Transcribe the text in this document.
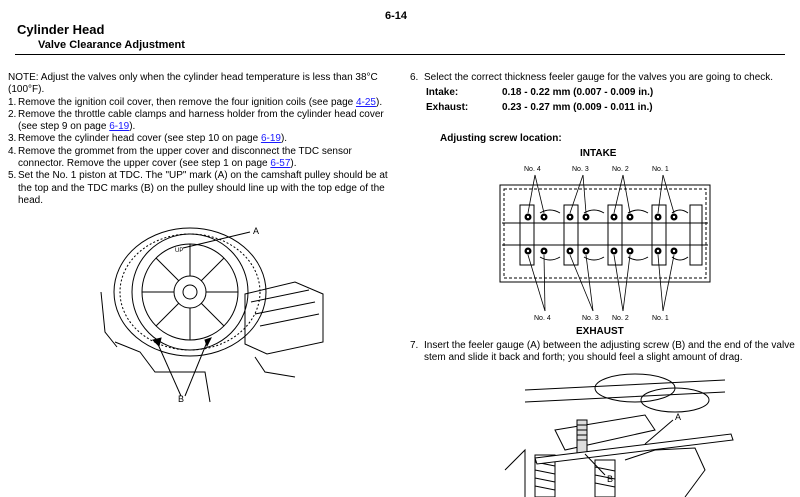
6-14
Cylinder Head
Valve Clearance Adjustment

NOTE: Adjust the valves only when the cylinder head temperature is less than 38°C (100°F).

1. Remove the ignition coil cover, then remove the four ignition coils (see page 4-25).

2. Remove the throttle cable clamps and harness holder from the cylinder head cover (see step 9 on page 6-19).

3. Remove the cylinder head cover (see step 10 on page 6-19).

4. Remove the grommet from the upper cover and disconnect the TDC sensor connector. Remove the upper cover (see step 1 on page 6-57).

5. Set the No. 1 piston at TDC. The "UP" mark (A) on the camshaft pulley should be at the top and the TDC marks (B) on the pulley should line up with the top edge of the head.

A
B
UP

6. Select the correct thickness feeler gauge for the valves you are going to check.

Intake:	0.18 - 0.22 mm (0.007 - 0.009 in.)
Exhaust:	0.23 - 0.27 mm (0.009 - 0.011 in.)
Adjusting screw location:
INTAKE
EXHAUST
No. 4	No. 3	No. 2	No. 1
No. 4	No. 3 No. 2	No. 1

7. Insert the feeler gauge (A) between the adjusting screw (B) and the end of the valve stem and slide it back and forth; you should feel a slight amount of drag.

A
B
